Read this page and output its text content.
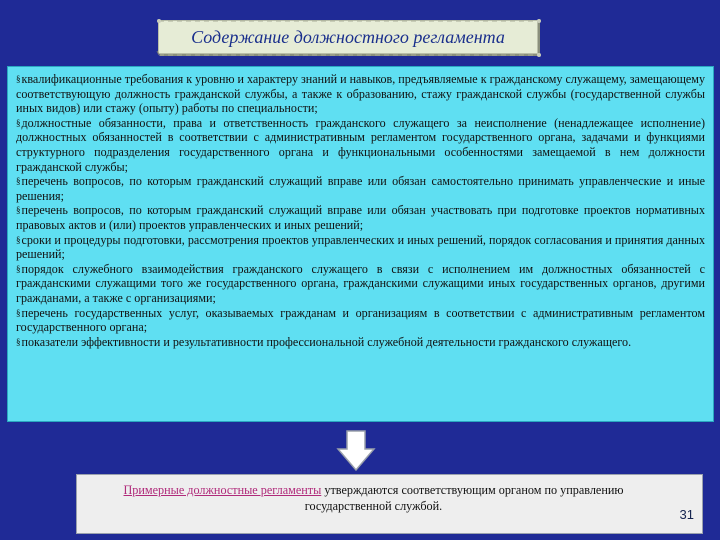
Содержание должностного регламента

§квалификационные требования к уровню и характеру знаний и навыков, предъявляемые к гражданскому служащему, замещающему соответствующую должность гражданской службы, а также к образованию, стажу гражданской службы (государственной службы иных видов) или стажу (опыту) работы по специальности;

§должностные обязанности, права и ответственность гражданского служащего за неисполнение (ненадлежащее исполнение) должностных обязанностей в соответствии с административным регламентом государственного органа, задачами и функциями структурного подразделения государственного органа и функциональными особенностями замещаемой в нем должности гражданской службы;

§перечень вопросов, по которым гражданский служащий вправе или обязан самостоятельно принимать управленческие и иные решения;

§перечень вопросов, по которым гражданский служащий вправе или обязан участвовать при подготовке проектов нормативных правовых актов и (или) проектов управленческих и иных решений;

§сроки и процедуры подготовки, рассмотрения проектов управленческих и иных решений, порядок согласования и принятия данных решений;

§порядок служебного взаимодействия гражданского служащего в связи с исполнением им должностных обязанностей с гражданскими служащими того же государственного органа, гражданскими служащими иных государственных органов, другими гражданами, а также с организациями;

§перечень государственных услуг, оказываемых гражданам и организациям в соответствии с административным регламентом государственного органа;

§показатели эффективности и результативности профессиональной служебной деятельности гражданского служащего.

Примерные должностные регламенты утверждаются соответствующим органом по управлению государственной службой.
31
